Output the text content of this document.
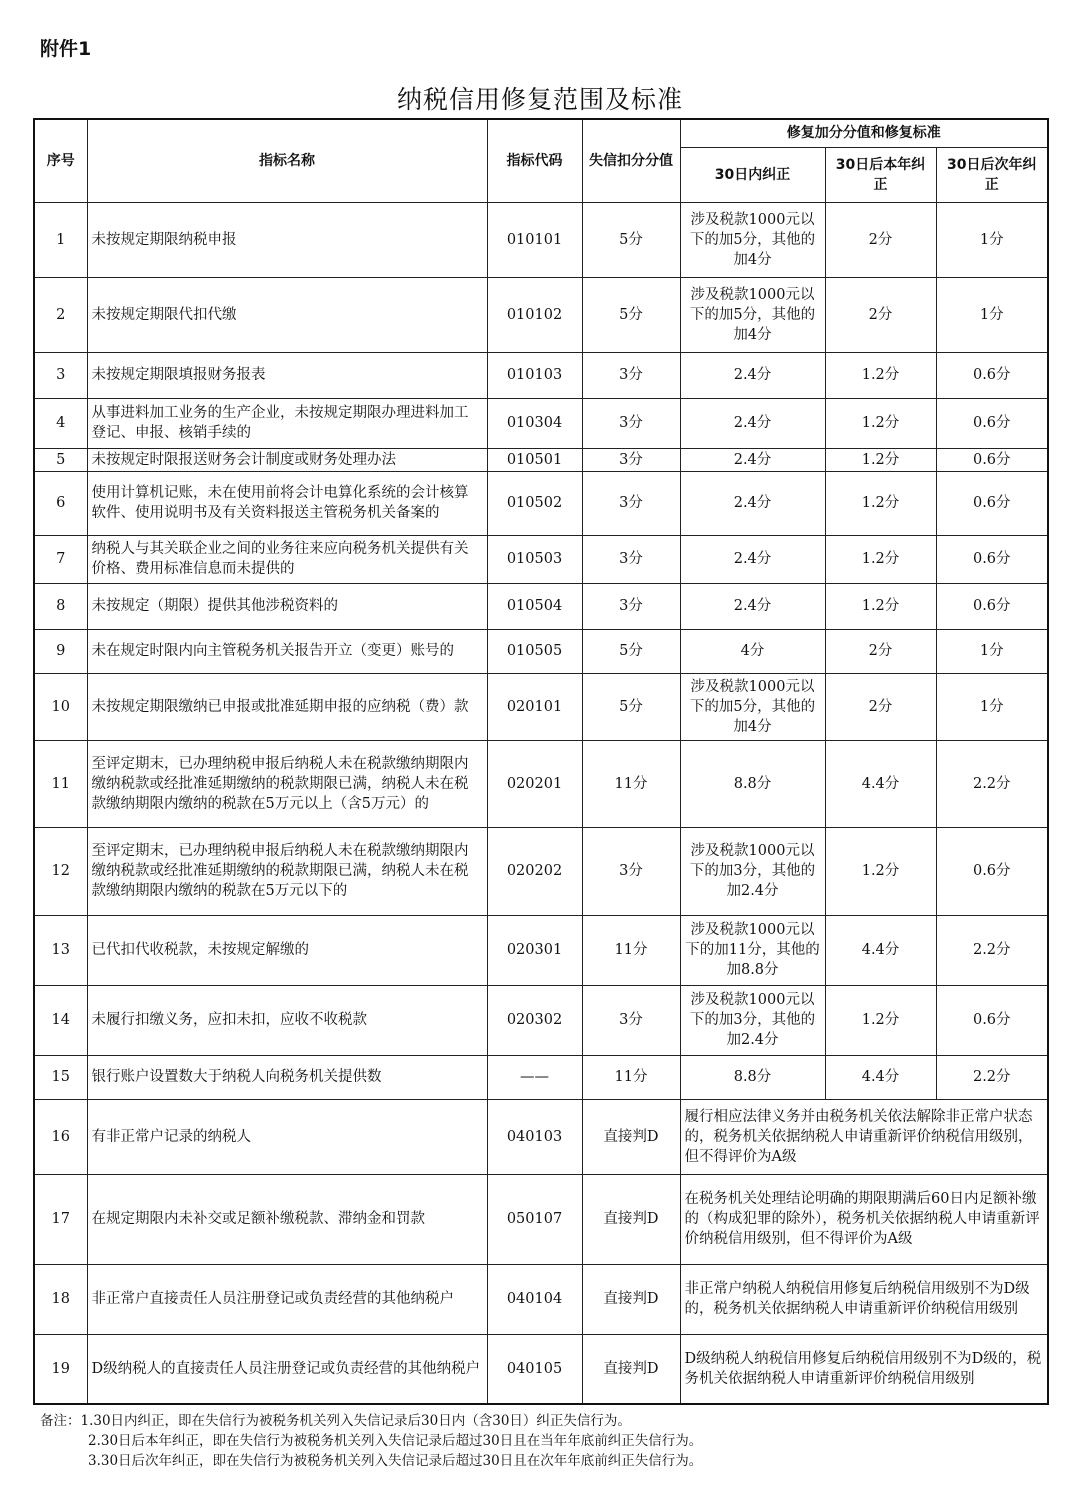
附件1
纳税信用修复范围及标准
序号	指标名称	指标代码	失信扣分分值	修复加分分值和修复标准		
				30日内纠正	30日后本年纠正	30日后次年纠正
1	未按规定期限纳税申报	010101	5分	涉及税款1000元以下的加5分，其他的加4分	2分	1分
2	未按规定期限代扣代缴	010102	5分	涉及税款1000元以下的加5分，其他的加4分	2分	1分
3	未按规定期限填报财务报表	010103	3分	2.4分	1.2分	0.6分
4	从事进料加工业务的生产企业，未按规定期限办理进料加工登记、申报、核销手续的	010304	3分	2.4分	1.2分	0.6分
5	未按规定时限报送财务会计制度或财务处理办法	010501	3分	2.4分	1.2分	0.6分
6	使用计算机记账，未在使用前将会计电算化系统的会计核算软件、使用说明书及有关资料报送主管税务机关备案的	010502	3分	2.4分	1.2分	0.6分
7	纳税人与其关联企业之间的业务往来应向税务机关提供有关价格、费用标准信息而未提供的	010503	3分	2.4分	1.2分	0.6分
8	未按规定（期限）提供其他涉税资料的	010504	3分	2.4分	1.2分	0.6分
9	未在规定时限内向主管税务机关报告开立（变更）账号的	010505	5分	4分	2分	1分
10	未按规定期限缴纳已申报或批准延期申报的应纳税（费）款	020101	5分	涉及税款1000元以下的加5分，其他的加4分	2分	1分
11	至评定期末，已办理纳税申报后纳税人未在税款缴纳期限内缴纳税款或经批准延期缴纳的税款期限已满，纳税人未在税款缴纳期限内缴纳的税款在5万元以上（含5万元）的	020201	11分	8.8分	4.4分	2.2分
12	至评定期末，已办理纳税申报后纳税人未在税款缴纳期限内缴纳税款或经批准延期缴纳的税款期限已满，纳税人未在税款缴纳期限内缴纳的税款在5万元以下的	020202	3分	涉及税款1000元以下的加3分，其他的加2.4分	1.2分	0.6分
13	已代扣代收税款，未按规定解缴的	020301	11分	涉及税款1000元以下的加11分，其他的加8.8分	4.4分	2.2分
14	未履行扣缴义务，应扣未扣，应收不收税款	020302	3分	涉及税款1000元以下的加3分，其他的加2.4分	1.2分	0.6分
15	银行账户设置数大于纳税人向税务机关提供数	——	11分	8.8分	4.4分	2.2分
16	有非正常户记录的纳税人	040103	直接判D	履行相应法律义务并由税务机关依法解除非正常户状态的，税务机关依据纳税人申请重新评价纳税信用级别，但不得评价为A级		
17	在规定期限内未补交或足额补缴税款、滞纳金和罚款	050107	直接判D	在税务机关处理结论明确的期限期满后60日内足额补缴的（构成犯罪的除外），税务机关依据纳税人申请重新评价纳税信用级别，但不得评价为A级		
18	非正常户直接责任人员注册登记或负责经营的其他纳税户	040104	直接判D	非正常户纳税人纳税信用修复后纳税信用级别不为D级的，税务机关依据纳税人申请重新评价纳税信用级别		
19	D级纳税人的直接责任人员注册登记或负责经营的其他纳税户	040105	直接判D	D级纳税人纳税信用修复后纳税信用级别不为D级的，税务机关依据纳税人申请重新评价纳税信用级别		
备注：1.30日内纠正，即在失信行为被税务机关列入失信记录后30日内（含30日）纠正失信行为。
2.30日后本年纠正，即在失信行为被税务机关列入失信记录后超过30日且在当年年底前纠正失信行为。
3.30日后次年纠正，即在失信行为被税务机关列入失信记录后超过30日且在次年年底前纠正失信行为。
